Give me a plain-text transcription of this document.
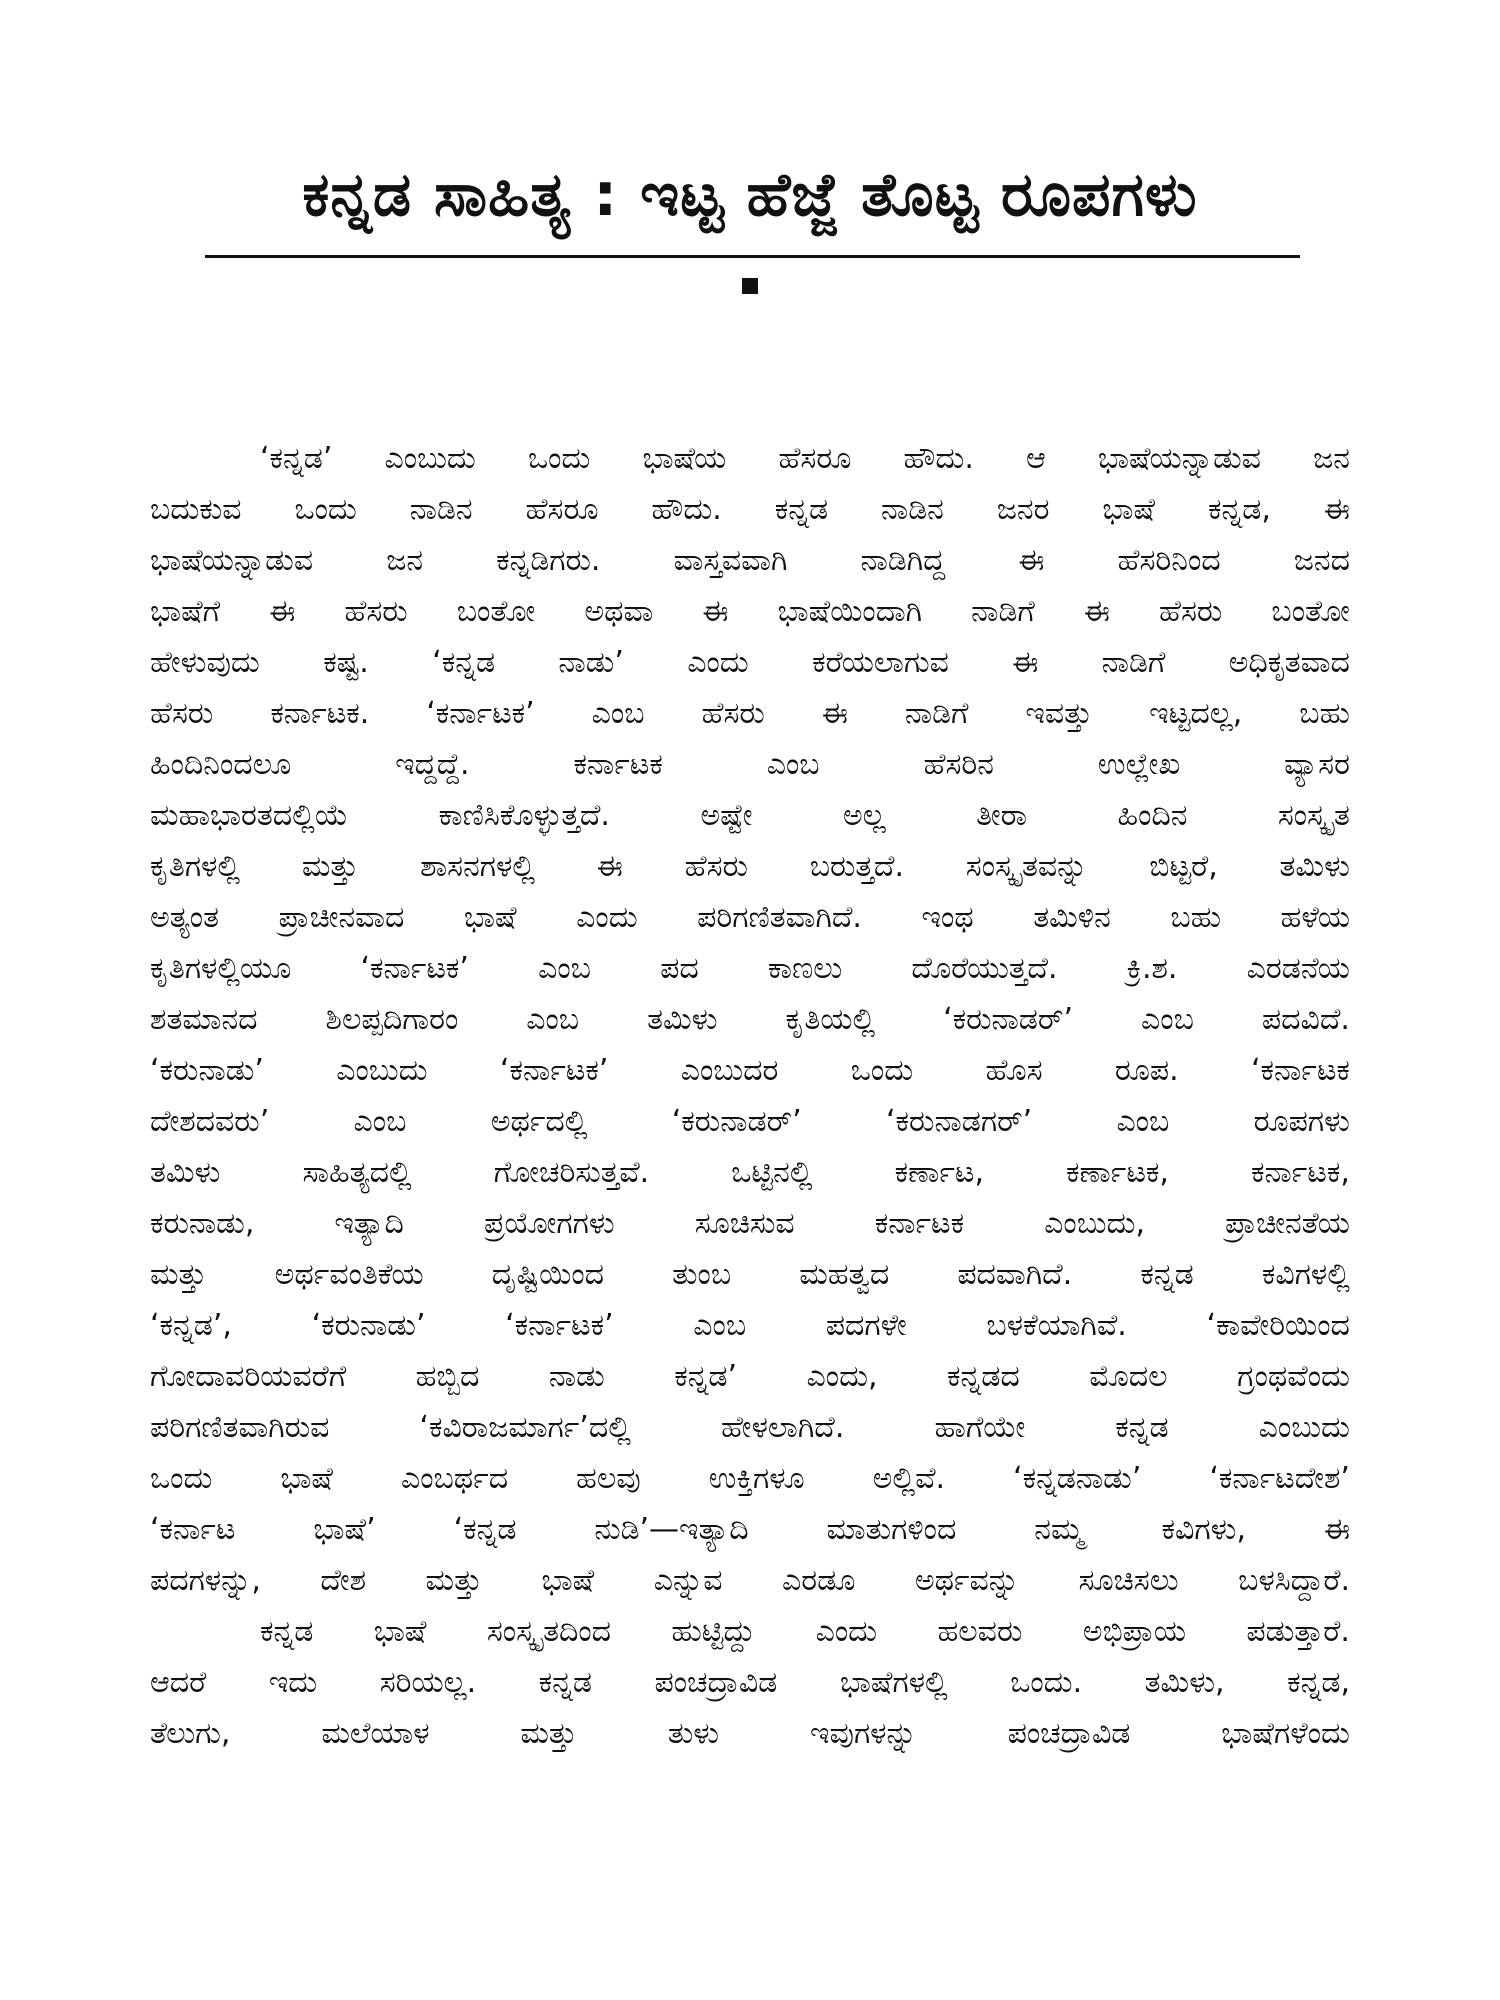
ಕನ್ನಡ ಸಾಹಿತ್ಯ : ಇಟ್ಟ ಹೆಜ್ಜೆ ತೊಟ್ಟ ರೂಪಗಳು
‘ಕನ್ನಡ’ ಎಂಬುದು ಒಂದು ಭಾಷೆಯ ಹೆಸರೂ ಹೌದು. ಆ ಭಾಷೆಯನ್ನಾಡುವ ಜನ
ಬದುಕುವ ಒಂದು ನಾಡಿನ ಹೆಸರೂ ಹೌದು. ಕನ್ನಡ ನಾಡಿನ ಜನರ ಭಾಷೆ ಕನ್ನಡ, ಈ
ಭಾಷೆಯನ್ನಾಡುವ ಜನ ಕನ್ನಡಿಗರು. ವಾಸ್ತವವಾಗಿ ನಾಡಿಗಿದ್ದ ಈ ಹೆಸರಿನಿಂದ ಜನದ
ಭಾಷೆಗೆ ಈ ಹೆಸರು ಬಂತೋ ಅಥವಾ ಈ ಭಾಷೆಯಿಂದಾಗಿ ನಾಡಿಗೆ ಈ ಹೆಸರು ಬಂತೋ
ಹೇಳುವುದು ಕಷ್ಟ. ‘ಕನ್ನಡ ನಾಡು’ ಎಂದು ಕರೆಯಲಾಗುವ ಈ ನಾಡಿಗೆ ಅಧಿಕೃತವಾದ
ಹೆಸರು ಕರ್ನಾಟಕ. ‘ಕರ್ನಾಟಕ’ ಎಂಬ ಹೆಸರು ಈ ನಾಡಿಗೆ ಇವತ್ತು ಇಟ್ಟದಲ್ಲ, ಬಹು
ಹಿಂದಿನಿಂದಲೂ	ಇದ್ದದ್ದೆ.	ಕರ್ನಾಟಕ	ಎಂಬ	ಹೆಸರಿನ	ಉಲ್ಲೇಖ	ವ್ಯಾಸರ
ಮಹಾಭಾರತದಲ್ಲಿಯೆ	ಕಾಣಿಸಿಕೊಳ್ಳುತ್ತದೆ.	ಅಷ್ಟೇ	ಅಲ್ಲ	ತೀರಾ	ಹಿಂದಿನ	ಸಂಸ್ಕೃತ
ಕೃತಿಗಳಲ್ಲಿ ಮತ್ತು ಶಾಸನಗಳಲ್ಲಿ ಈ ಹೆಸರು ಬರುತ್ತದೆ. ಸಂಸ್ಕೃತವನ್ನು ಬಿಟ್ಟರೆ, ತಮಿಳು
ಅತ್ಯಂತ ಪ್ರಾಚೀನವಾದ ಭಾಷೆ ಎಂದು ಪರಿಗಣಿತವಾಗಿದೆ. ಇಂಥ ತಮಿಳಿನ ಬಹು ಹಳೆಯ
ಕೃತಿಗಳಲ್ಲಿಯೂ ‘ಕರ್ನಾಟಕ’ ಎಂಬ ಪದ ಕಾಣಲು ದೊರೆಯುತ್ತದೆ. ಕ್ರಿ.ಶ. ಎರಡನೆಯ
ಶತಮಾನದ ಶಿಲಪ್ಪದಿಗಾರಂ ಎಂಬ ತಮಿಳು ಕೃತಿಯಲ್ಲಿ ‘ಕರುನಾಡರ್’ ಎಂಬ ಪದವಿದೆ.
‘ಕರುನಾಡು’ ಎಂಬುದು ‘ಕರ್ನಾಟಕ’ ಎಂಬುದರ ಒಂದು ಹೊಸ ರೂಪ. ‘ಕರ್ನಾಟಕ
ದೇಶದವರು’	ಎಂಬ	ಅರ್ಥದಲ್ಲಿ	‘ಕರುನಾಡರ್’	‘ಕರುನಾಡಗರ್’	ಎಂಬ	ರೂಪಗಳು
ತಮಿಳು	ಸಾಹಿತ್ಯದಲ್ಲಿ	ಗೋಚರಿಸುತ್ತವೆ.	ಒಟ್ಟಿನಲ್ಲಿ	ಕರ್ಣಾಟ,	ಕರ್ಣಾಟಕ,	ಕರ್ನಾಟಕ,
ಕರುನಾಡು,	ಇತ್ಯಾದಿ	ಪ್ರಯೋಗಗಳು	ಸೂಚಿಸುವ	ಕರ್ನಾಟಕ	ಎಂಬುದು,	ಪ್ರಾಚೀನತೆಯ
ಮತ್ತು ಅರ್ಥವಂತಿಕೆಯ ದೃಷ್ಟಿಯಿಂದ ತುಂಬ ಮಹತ್ವದ ಪದವಾಗಿದೆ. ಕನ್ನಡ ಕವಿಗಳಲ್ಲಿ
‘ಕನ್ನಡ’,	‘ಕರುನಾಡು’	‘ಕರ್ನಾಟಕ’	ಎಂಬ	ಪದಗಳೇ	ಬಳಕೆಯಾಗಿವೆ.	‘ಕಾವೇರಿಯಿಂದ
ಗೋದಾವರಿಯವರೆಗೆ ಹಬ್ಬಿದ ನಾಡು ಕನ್ನಡ’ ಎಂದು, ಕನ್ನಡದ ಮೊದಲ ಗ್ರಂಥವೆಂದು
ಪರಿಗಣಿತವಾಗಿರುವ	‘ಕವಿರಾಜಮಾರ್ಗ’ದಲ್ಲಿ	ಹೇಳಲಾಗಿದೆ.	ಹಾಗೆಯೇ	ಕನ್ನಡ	ಎಂಬುದು
ಒಂದು ಭಾಷೆ ಎಂಬರ್ಥದ ಹಲವು ಉಕ್ತಿಗಳೂ ಅಲ್ಲಿವೆ. ‘ಕನ್ನಡನಾಡು’ ‘ಕರ್ನಾಟದೇಶ’
‘ಕರ್ನಾಟ	ಭಾಷೆ’	‘ಕನ್ನಡ	ನುಡಿ’—ಇತ್ಯಾದಿ	ಮಾತುಗಳಿಂದ	ನಮ್ಮ	ಕವಿಗಳು,	ಈ
ಪದಗಳನ್ನು, ದೇಶ ಮತ್ತು ಭಾಷೆ ಎನ್ನುವ ಎರಡೂ ಅರ್ಥವನ್ನು ಸೂಚಿಸಲು ಬಳಸಿದ್ದಾರೆ.
ಕನ್ನಡ ಭಾಷೆ ಸಂಸ್ಕೃತದಿಂದ ಹುಟ್ಟಿದ್ದು ಎಂದು ಹಲವರು ಅಭಿಪ್ರಾಯ ಪಡುತ್ತಾರೆ.
ಆದರೆ ಇದು ಸರಿಯಲ್ಲ. ಕನ್ನಡ ಪಂಚದ್ರಾವಿಡ ಭಾಷೆಗಳಲ್ಲಿ ಒಂದು. ತಮಿಳು, ಕನ್ನಡ,
ತೆಲುಗು,	ಮಲೆಯಾಳ	ಮತ್ತು	ತುಳು	ಇವುಗಳನ್ನು	ಪಂಚದ್ರಾವಿಡ	ಭಾಷೆಗಳೆಂದು
